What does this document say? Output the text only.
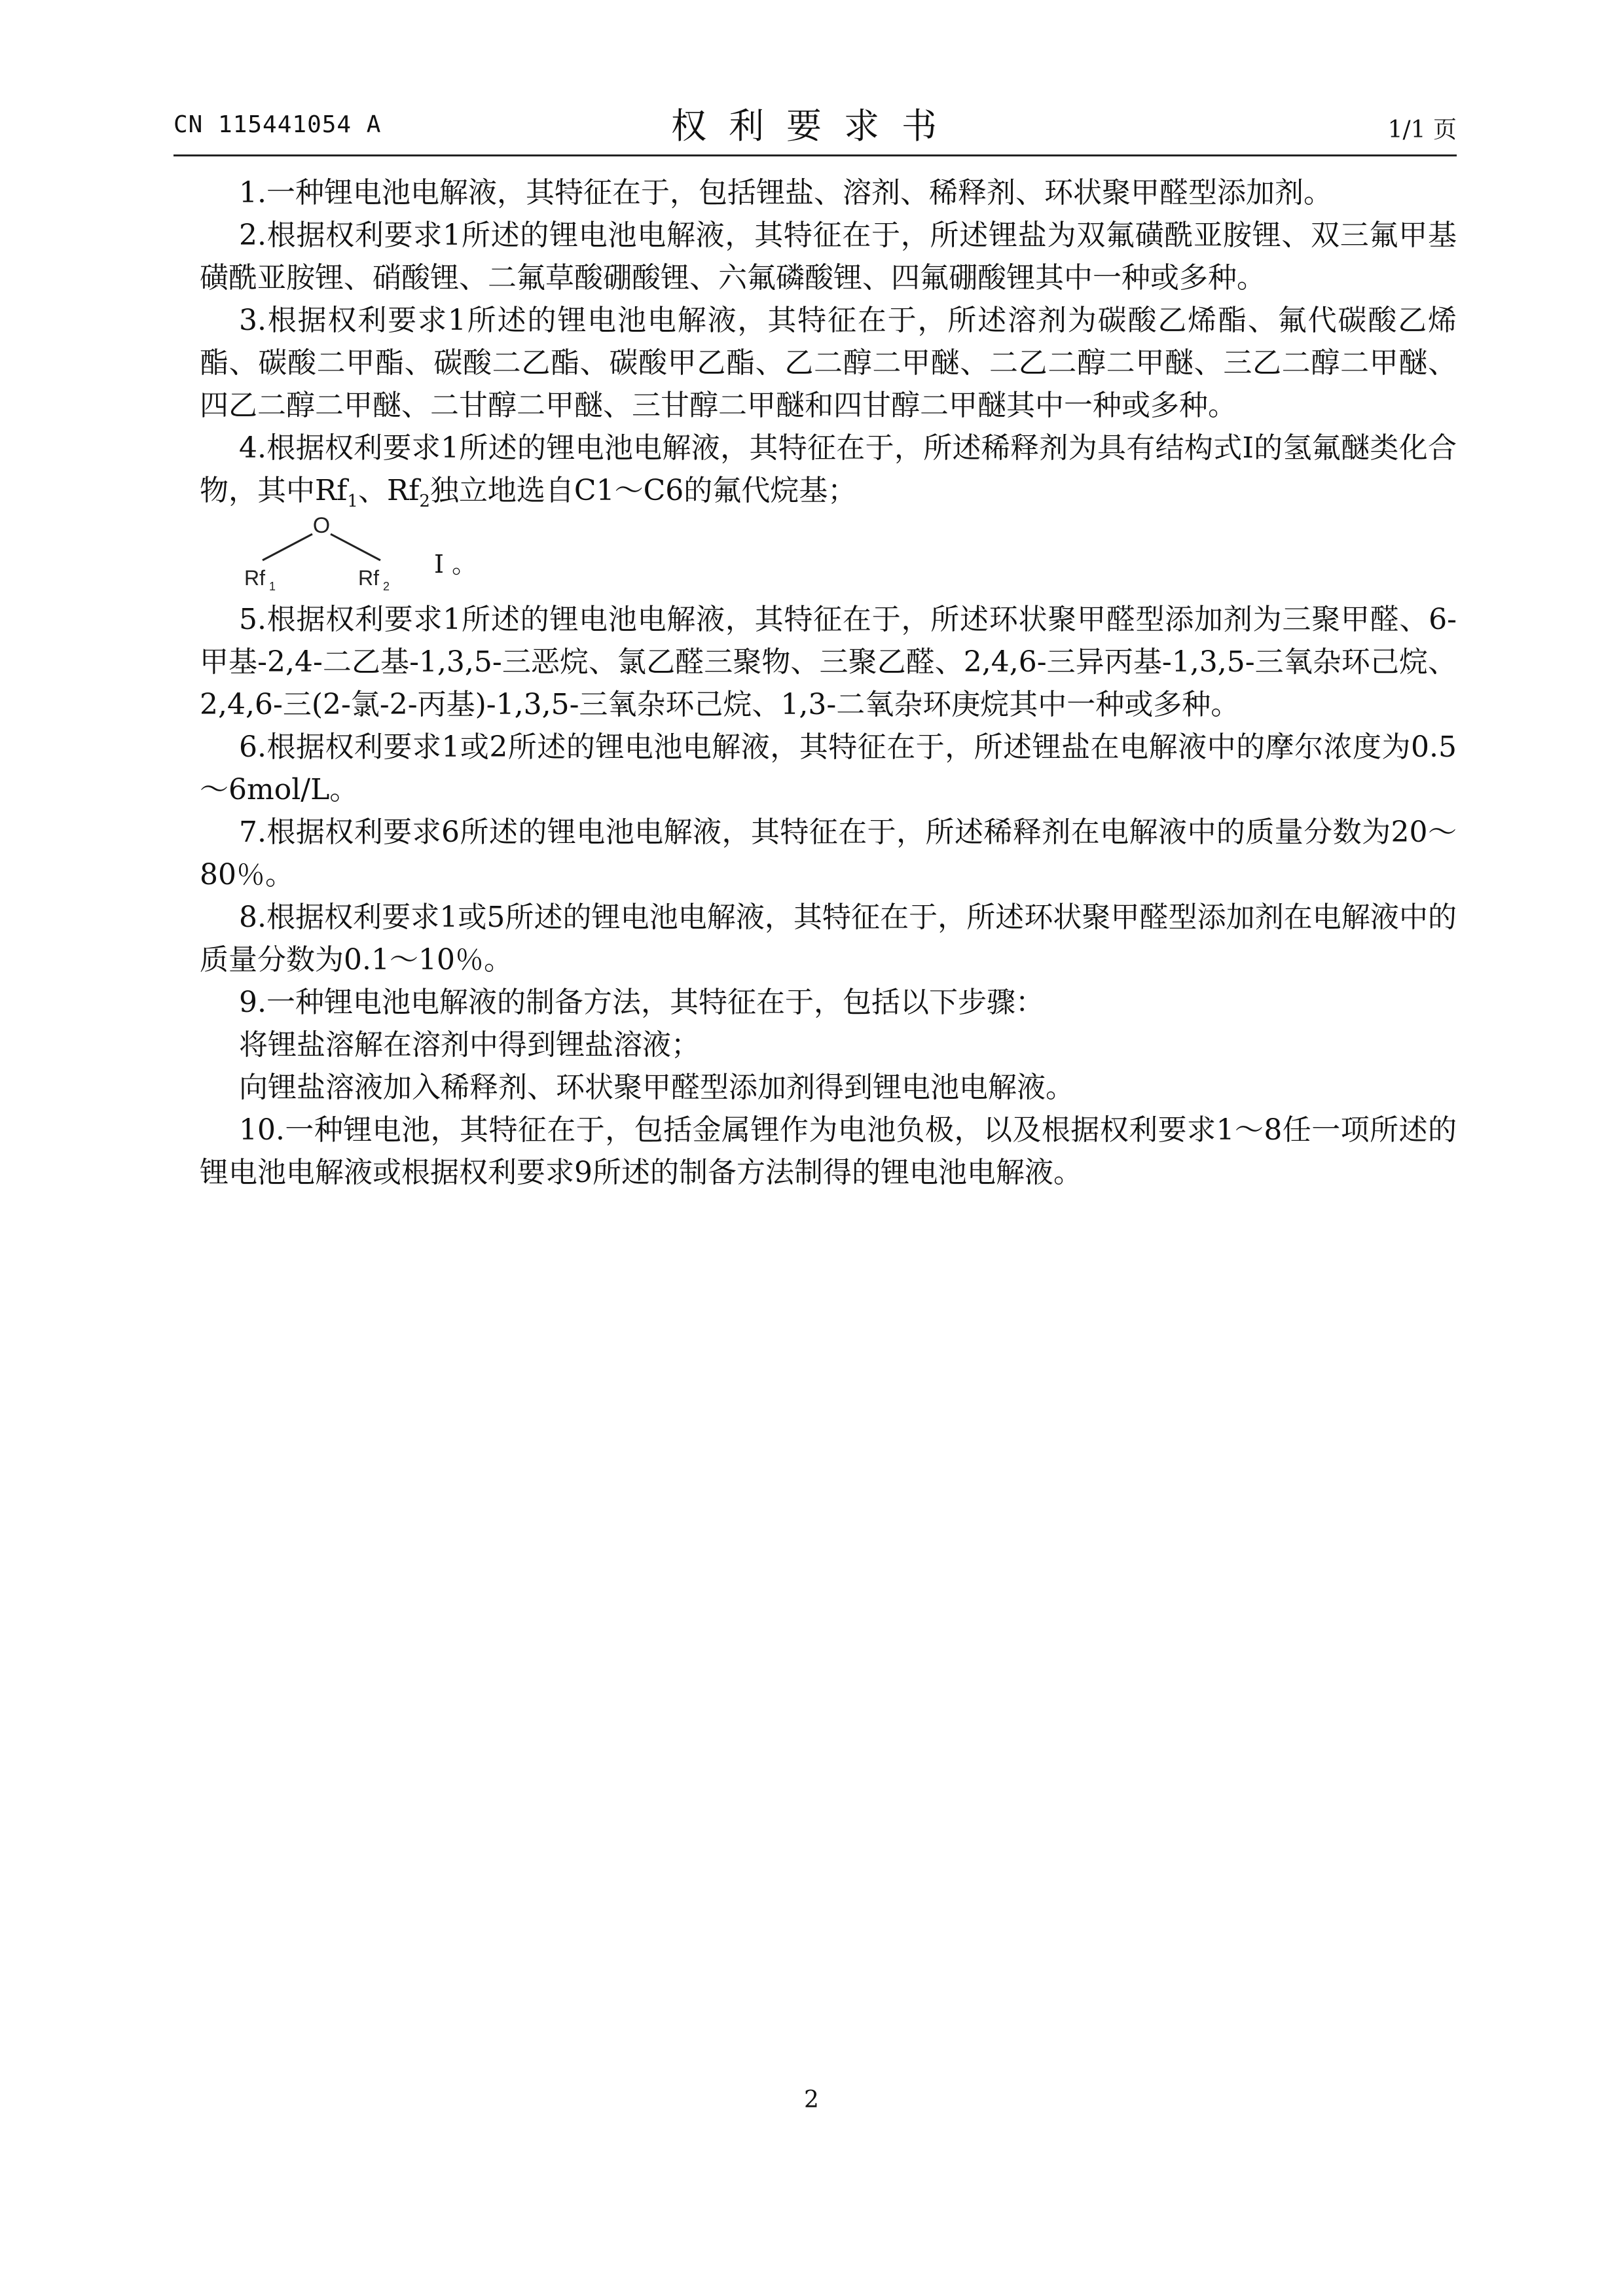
CN 115441054 A	权利要求书	1/1 页

1.一种锂电池电解液，其特征在于，包括锂盐、溶剂、稀释剂、环状聚甲醛型添加剂。

2.根据权利要求1所述的锂电池电解液，其特征在于，所述锂盐为双氟磺酰亚胺锂、双三氟甲基磺酰亚胺锂、硝酸锂、二氟草酸硼酸锂、六氟磷酸锂、四氟硼酸锂其中一种或多种。

3.根据权利要求1所述的锂电池电解液，其特征在于，所述溶剂为碳酸乙烯酯、氟代碳酸乙烯酯、碳酸二甲酯、碳酸二乙酯、碳酸甲乙酯、乙二醇二甲醚、二乙二醇二甲醚、三乙二醇二甲醚、四乙二醇二甲醚、二甘醇二甲醚、三甘醇二甲醚和四甘醇二甲醚其中一种或多种。

4.根据权利要求1所述的锂电池电解液，其特征在于，所述稀释剂为具有结构式I的氢氟醚类化合物，其中$Rf_1$、$Rf_2$独立地选自C1～C6的氟代烷基；

O
Rf 1	Rf 2
I 。

5.根据权利要求1所述的锂电池电解液，其特征在于，所述环状聚甲醛型添加剂为三聚甲醛、6-甲基-2,4-二乙基-1,3,5-三恶烷、氯乙醛三聚物、三聚乙醛、2,4,6-三异丙基-1,3,5-三氧杂环己烷、2,4,6-三(2-氯-2-丙基)-1,3,5-三氧杂环己烷、1,3-二氧杂环庚烷其中一种或多种。

6.根据权利要求1或2所述的锂电池电解液，其特征在于，所述锂盐在电解液中的摩尔浓度为0.5～6mol/L。

7.根据权利要求6所述的锂电池电解液，其特征在于，所述稀释剂在电解液中的质量分数为20～80％。

8.根据权利要求1或5所述的锂电池电解液，其特征在于，所述环状聚甲醛型添加剂在电解液中的质量分数为0.1～10％。

9.一种锂电池电解液的制备方法，其特征在于，包括以下步骤：

将锂盐溶解在溶剂中得到锂盐溶液；

向锂盐溶液加入稀释剂、环状聚甲醛型添加剂得到锂电池电解液。

10.一种锂电池，其特征在于，包括金属锂作为电池负极，以及根据权利要求1～8任一项所述的锂电池电解液或根据权利要求9所述的制备方法制得的锂电池电解液。

2
